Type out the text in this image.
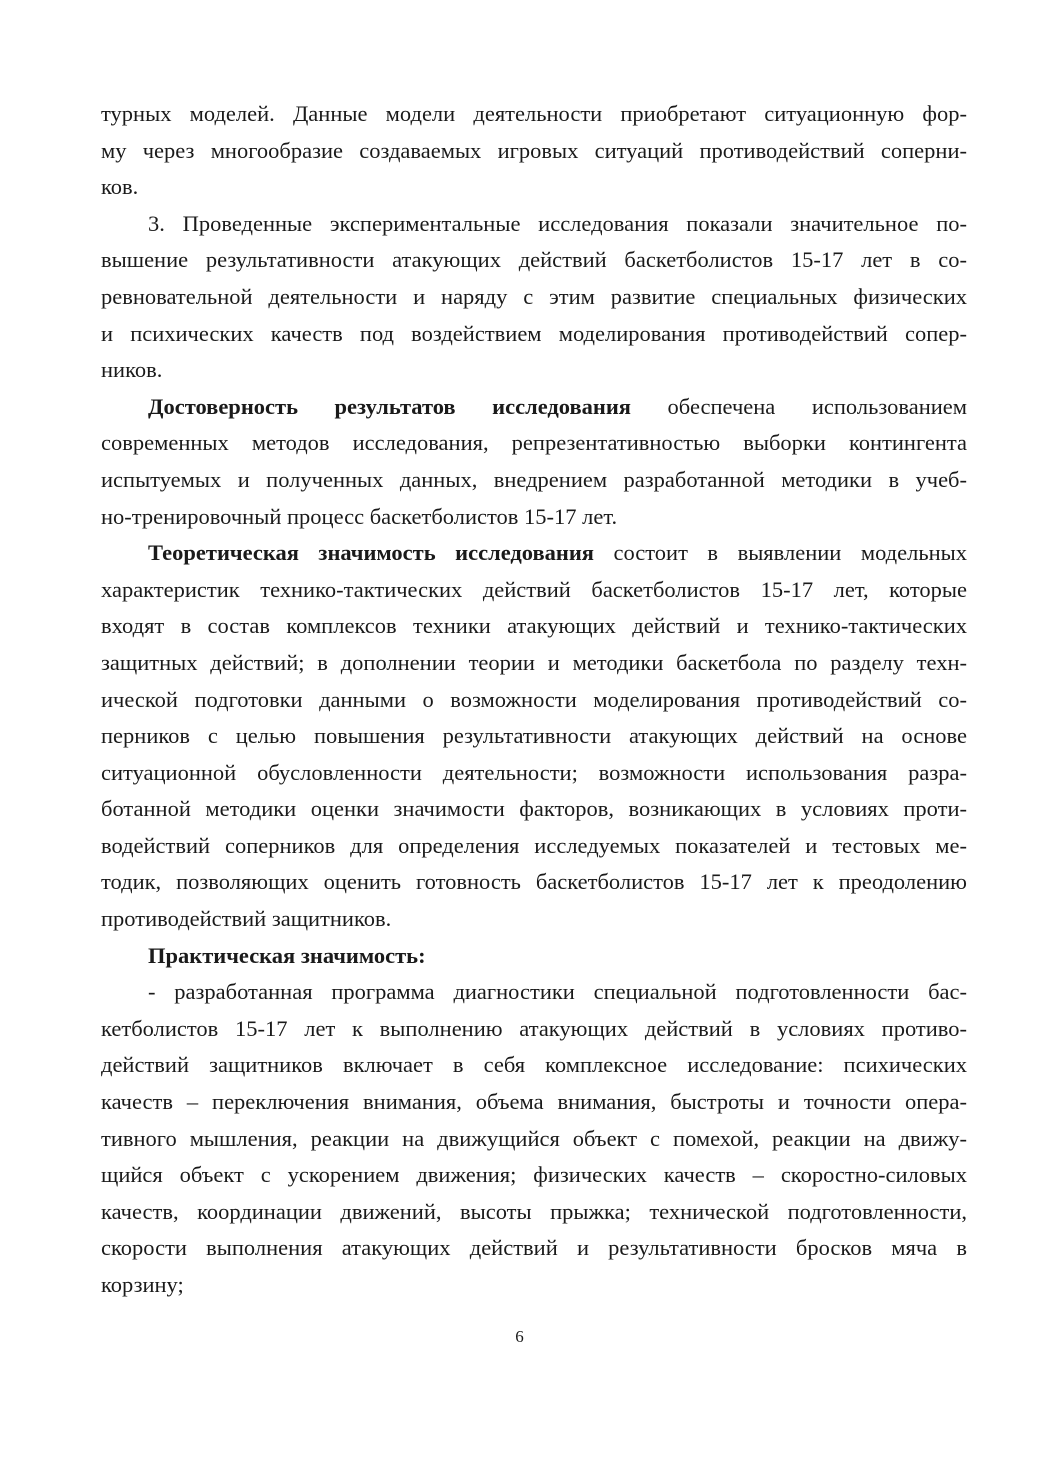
турных моделей. Данные модели деятельности приобретают ситуационную фор-
му через многообразие создаваемых игровых ситуаций противодействий соперни-
ков.
3. Проведенные экспериментальные исследования показали значительное по-
вышение результативности атакующих действий баскетболистов 15-17 лет в со-
ревновательной деятельности и наряду с этим развитие специальных физических
и психических качеств под воздействием моделирования противодействий сопер-
ников.
Достоверность результатов исследования обеспечена использованием
современных методов исследования, репрезентативностью выборки контингента
испытуемых и полученных данных, внедрением разработанной методики в учеб-
но-тренировочный процесс баскетболистов 15-17 лет.
Теоретическая значимость исследования состоит в выявлении модельных
характеристик технико-тактических действий баскетболистов 15-17 лет, которые
входят в состав комплексов техники атакующих действий и технико-тактических
защитных действий; в дополнении теории и методики баскетбола по разделу техн-
ической подготовки данными о возможности моделирования противодействий со-
перников с целью повышения результативности атакующих действий на основе
ситуационной обусловленности деятельности; возможности использования разра-
ботанной методики оценки значимости факторов, возникающих в условиях проти-
водействий соперников для определения исследуемых показателей и тестовых ме-
тодик, позволяющих оценить готовность баскетболистов 15-17 лет к преодолению
противодействий защитников.
Практическая значимость:
- разработанная программа диагностики специальной подготовленности бас-
кетболистов 15-17 лет к выполнению атакующих действий в условиях противо-
действий защитников включает в себя комплексное исследование: психических
качеств – переключения внимания, объема внимания, быстроты и точности опера-
тивного мышления, реакции на движущийся объект с помехой, реакции на движу-
щийся объект с ускорением движения; физических качеств – скоростно-силовых
качеств, координации движений, высоты прыжка; технической подготовленности,
скорости выполнения атакующих действий и результативности бросков мяча в
корзину;
6
